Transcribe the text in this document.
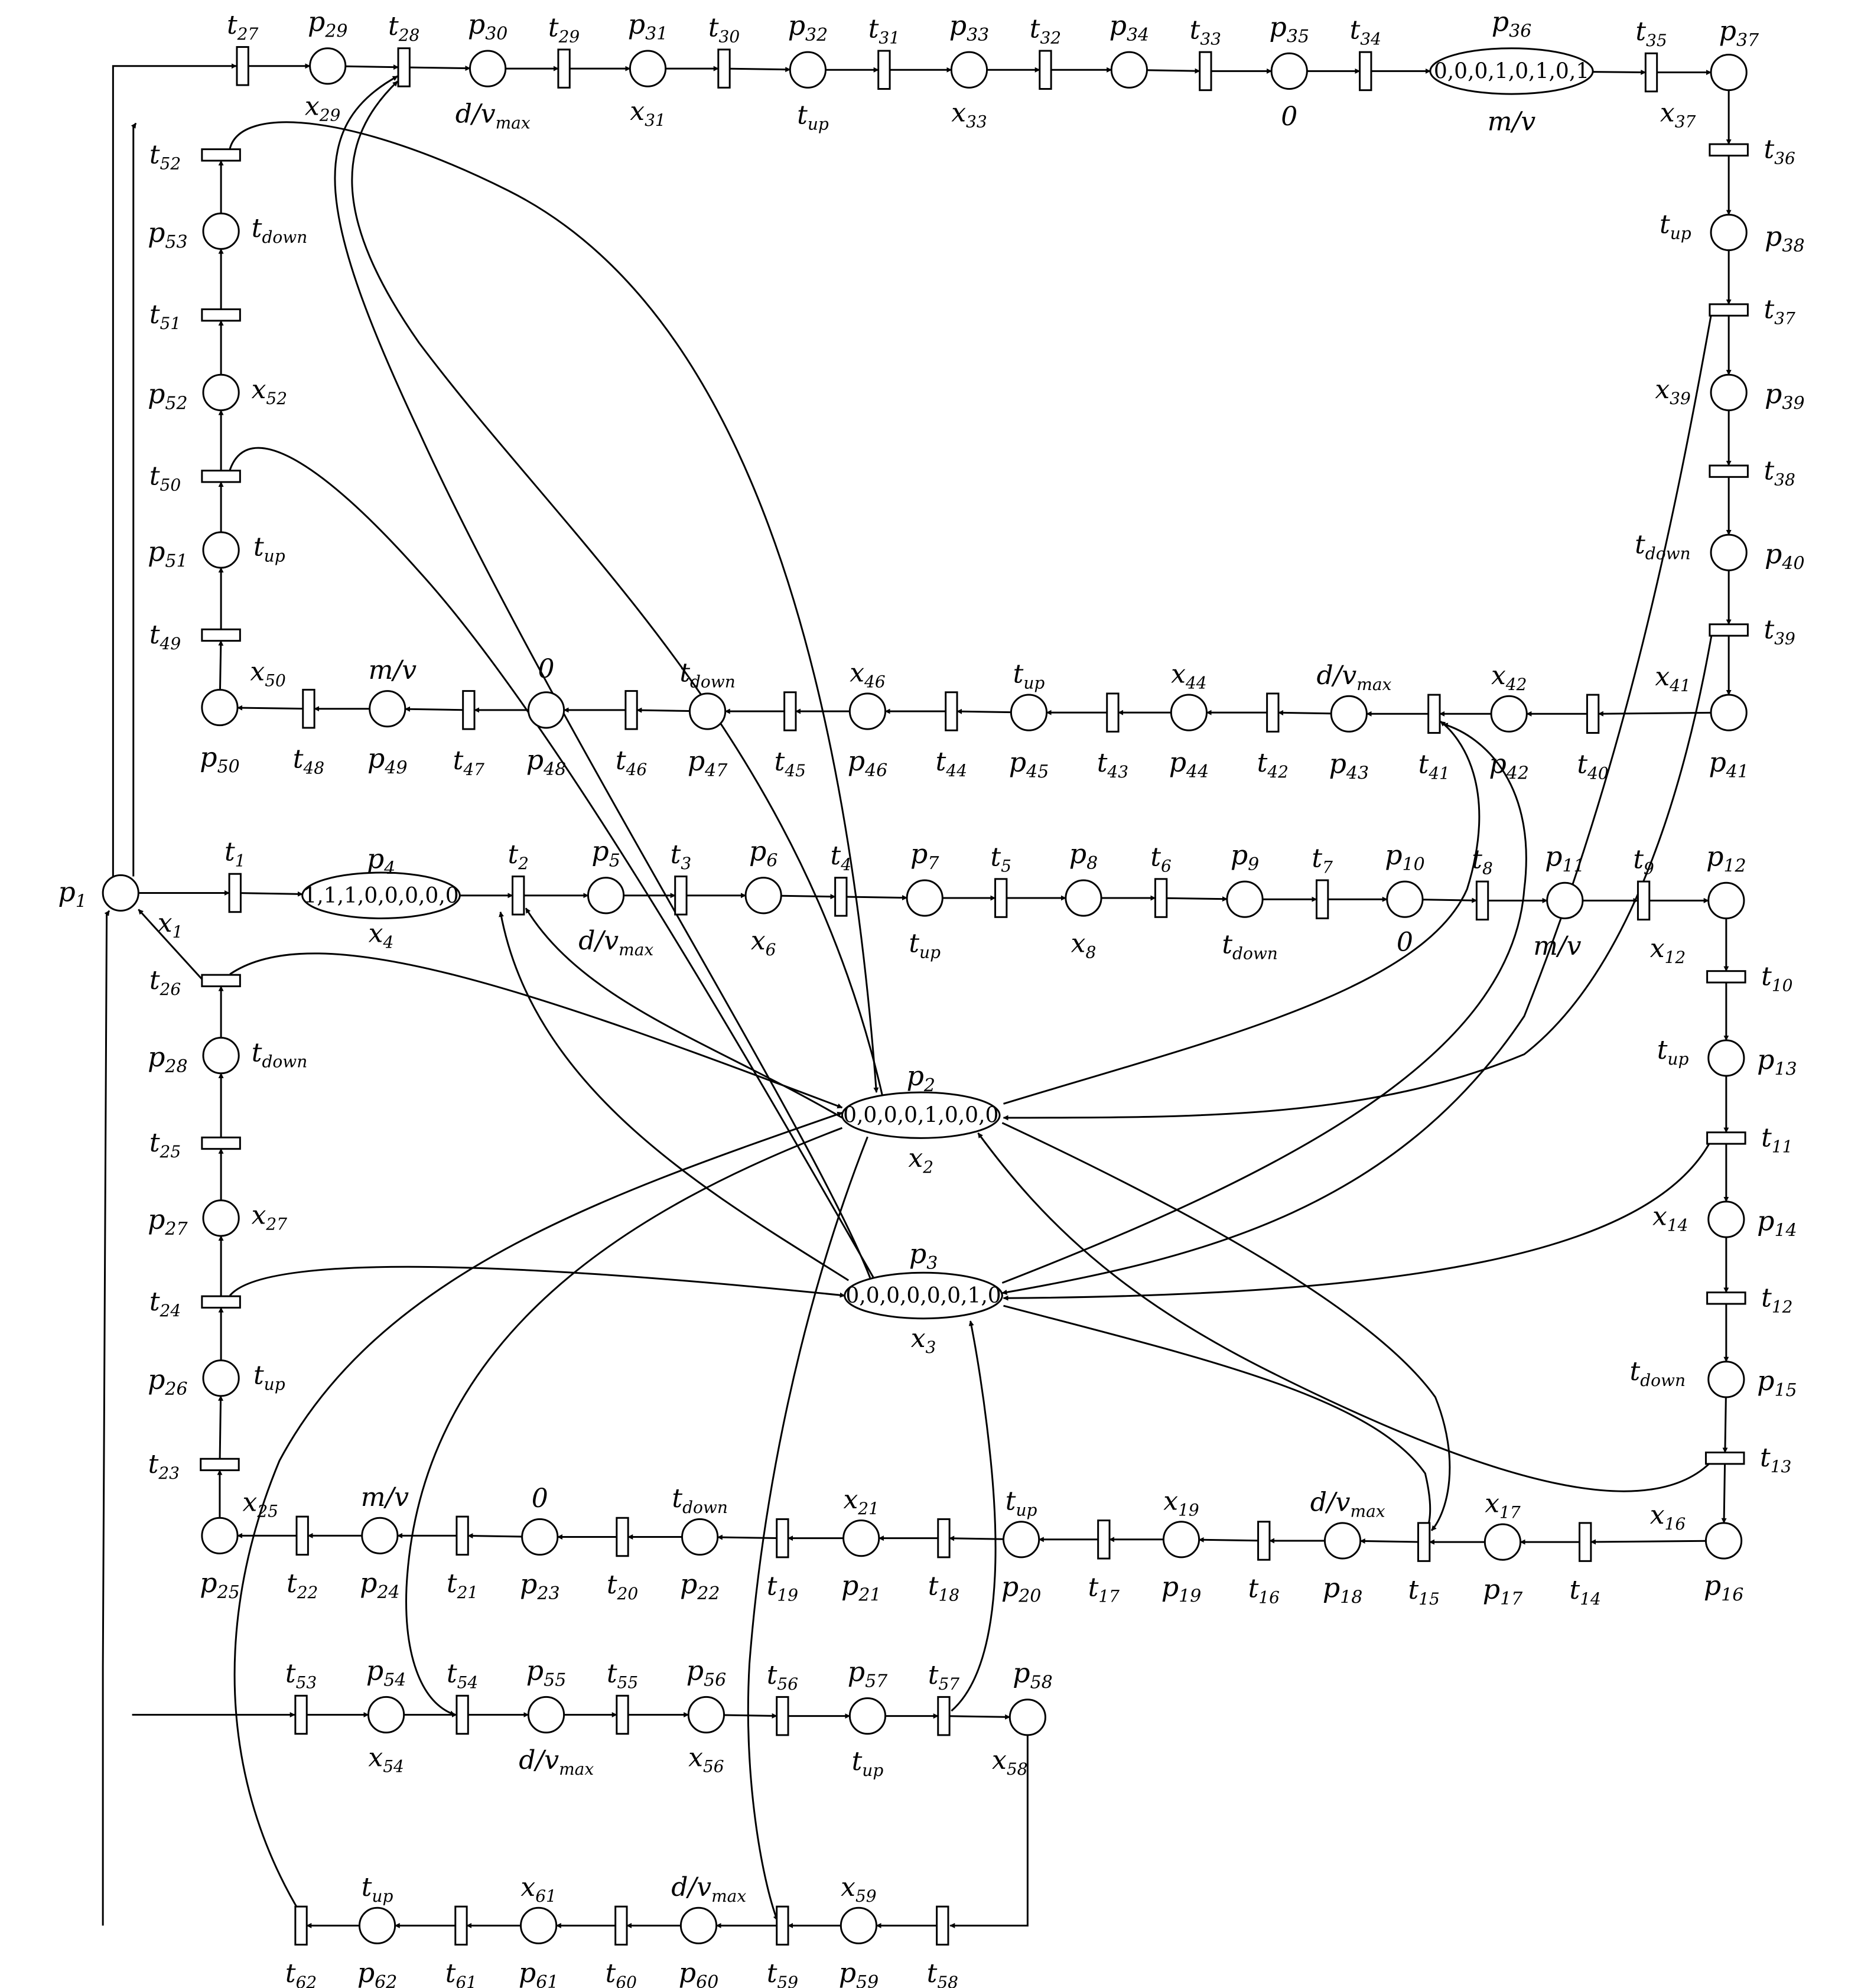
$p_1$
0,0,0,0,1,0,0,0
$p_2$
$x_2$
0,0,0,0,0,0,1,0
$p_3$
$x_3$
1,1,1,0,0,0,0,0
$p_4$
$x_4$
$p_5$
$d/v_{max}$
$p_6$
$x_6$
$p_7$
$t_{up}$
$p_8$
$x_8$
$p_9$
$t_{down}$
$p_{10}$
0
$p_{11}$
m/v
$p_{12}$
$x_{12}$
$p_{13}$
$t_{up}$
$p_{14}$
$x_{14}$
$p_{15}$
$t_{down}$
$p_{16}$
$x_{16}$
$p_{17}$
$x_{17}$
$p_{18}$
$d/v_{max}$
$p_{19}$
$x_{19}$
$p_{20}$
$t_{up}$
$p_{21}$
$x_{21}$
$p_{22}$
$t_{down}$
$p_{23}$
0
$p_{24}$
m/v
$p_{25}$
$x_{25}$
$p_{26}$	$t_{up}$
$p_{27}$ $x_{27}$
$p_{28}$ $t_{down}$
$p_{29}$
$x_{29}$
$p_{30}$
$d/v_{max}$
$p_{31}$
$x_{31}$
$p_{32}$
$t_{up}$
$p_{33}$
$x_{33}$
$p_{34}$	$p_{35}$
0
0,0,0,1,0,1,0,1
$p_{36}$
m/v
$p_{37}$
$x_{37}$
$p_{38}$
$t_{up}$
$p_{39}$
$x_{39}$
$p_{40}$
$t_{down}$
$p_{41}$
$x_{41}$
$p_{42}$
$x_{42}$
$p_{43}$
$d/v_{max}$
$p_{44}$
$x_{44}$
$p_{45}$
$t_{up}$
$p_{46}$
$x_{46}$
$p_{47}$
$t_{down}$
$p_{48}$
0
$p_{49}$
m/v
$p_{50}$
$x_{50}$
$p_{51}$	$t_{up}$
$p_{52}$ $x_{52}$
$p_{53}$ $t_{down}$
$p_{54}$
$x_{54}$
$p_{55}$
$d/v_{max}$
$p_{56}$
$x_{56}$
$p_{57}$
$t_{up}$
$p_{58}$
$x_{58}$
$p_{59}$
$x_{59}$
$p_{60}$
$d/v_{max}$
$p_{61}$
$x_{61}$
$p_{62}$
$t_{up}$
$x_1$
$t_1$	$t_2$	$t_3$	$t_4$	$t_5$	$t_6$	$t_7$	$t_8$	$t_9$
$t_{10}$
$t_{11}$
$t_{12}$
$t_{13}$
$t_{14}$
$t_{15}$
$t_{16}$
$t_{17}$
$t_{18}$
$t_{19}$
$t_{20}$
$t_{21}$
$t_{22}$
$t_{23}$
$t_{24}$
$t_{25}$
$t_{26}$
$t_{27}$	$t_{28}$	$t_{29}$	$t_{30}$	$t_{31}$	$t_{32}$	$t_{33}$	$t_{34}$	$t_{35}$
$t_{36}$
$t_{37}$
$t_{38}$
$t_{39}$
$t_{40}$
$t_{41}$
$t_{42}$
$t_{43}$
$t_{44}$
$t_{45}$
$t_{46}$
$t_{47}$
$t_{48}$
$t_{49}$
$t_{50}$
$t_{51}$
$t_{52}$
$t_{53}$	$t_{54}$	$t_{55}$	$t_{56}$	$t_{57}$
$t_{58}$
$t_{59}$
$t_{60}$
$t_{61}$
$t_{62}$
